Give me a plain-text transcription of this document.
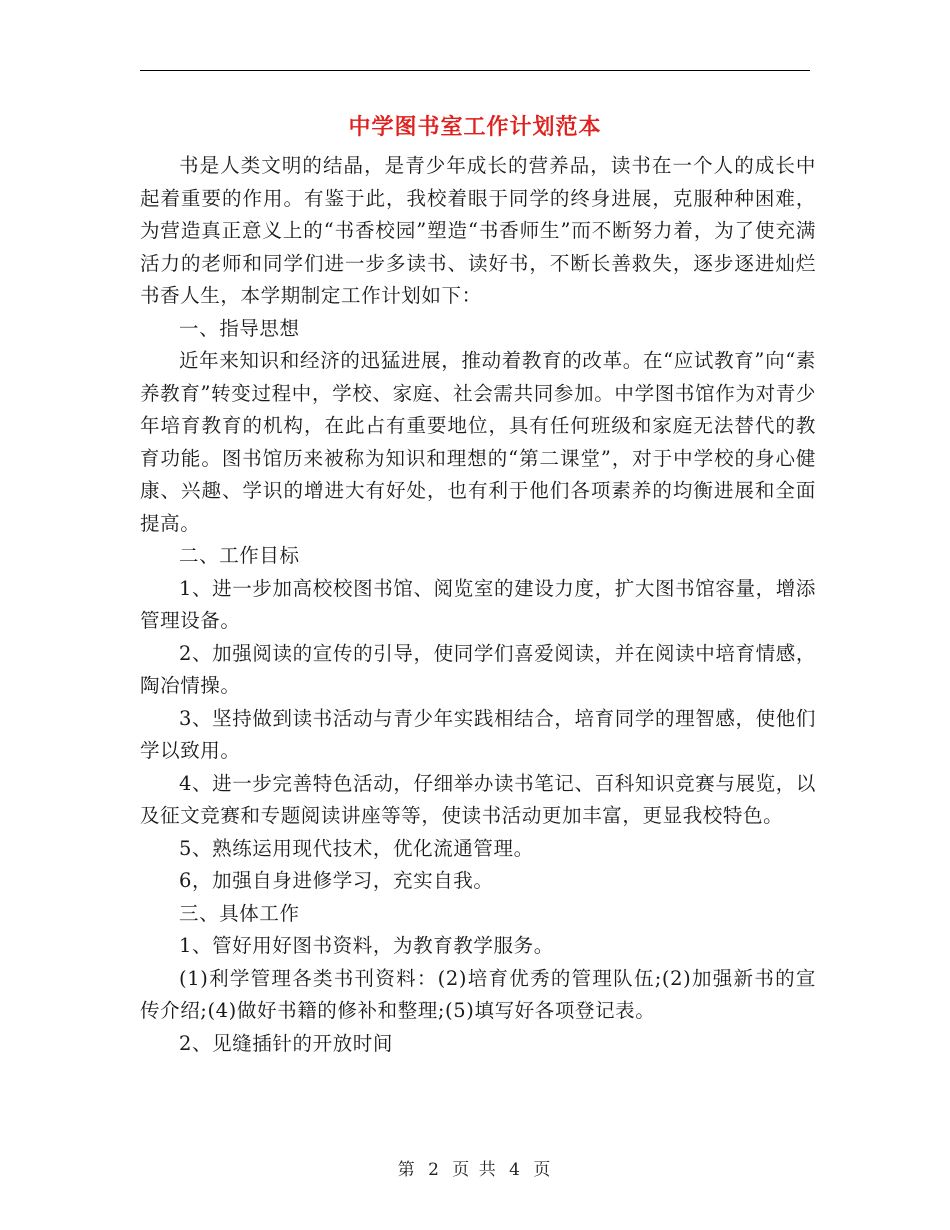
中学图书室工作计划范本

书是人类文明的结晶，是青少年成长的营养品，读书在一个人的成长中起着重要的作用。有鉴于此，我校着眼于同学的终身进展，克服种种困难，为营造真正意义上的“书香校园”塑造“书香师生”而不断努力着，为了使充满活力的老师和同学们进一步多读书、读好书，不断长善救失，逐步逐进灿烂书香人生，本学期制定工作计划如下：

一、指导思想

近年来知识和经济的迅猛进展，推动着教育的改革。在“应试教育”向“素养教育”转变过程中，学校、家庭、社会需共同参加。中学图书馆作为对青少年培育教育的机构，在此占有重要地位，具有任何班级和家庭无法替代的教育功能。图书馆历来被称为知识和理想的“第二课堂”，对于中学校的身心健康、兴趣、学识的增进大有好处，也有利于他们各项素养的均衡进展和全面提高。

二、工作目标

1、进一步加高校校图书馆、阅览室的建设力度，扩大图书馆容量，增添管理设备。

2、加强阅读的宣传的引导，使同学们喜爱阅读，并在阅读中培育情感，陶冶情操。

3、坚持做到读书活动与青少年实践相结合，培育同学的理智感，使他们学以致用。

4、进一步完善特色活动，仔细举办读书笔记、百科知识竞赛与展览，以及征文竞赛和专题阅读讲座等等，使读书活动更加丰富，更显我校特色。

5、熟练运用现代技术，优化流通管理。

6，加强自身进修学习，充实自我。

三、具体工作

1、管好用好图书资料，为教育教学服务。

(1)利学管理各类书刊资料：(2)培育优秀的管理队伍;(2)加强新书的宣传介绍;(4)做好书籍的修补和整理;(5)填写好各项登记表。

2、见缝插针的开放时间

第 2 页 共 4 页
